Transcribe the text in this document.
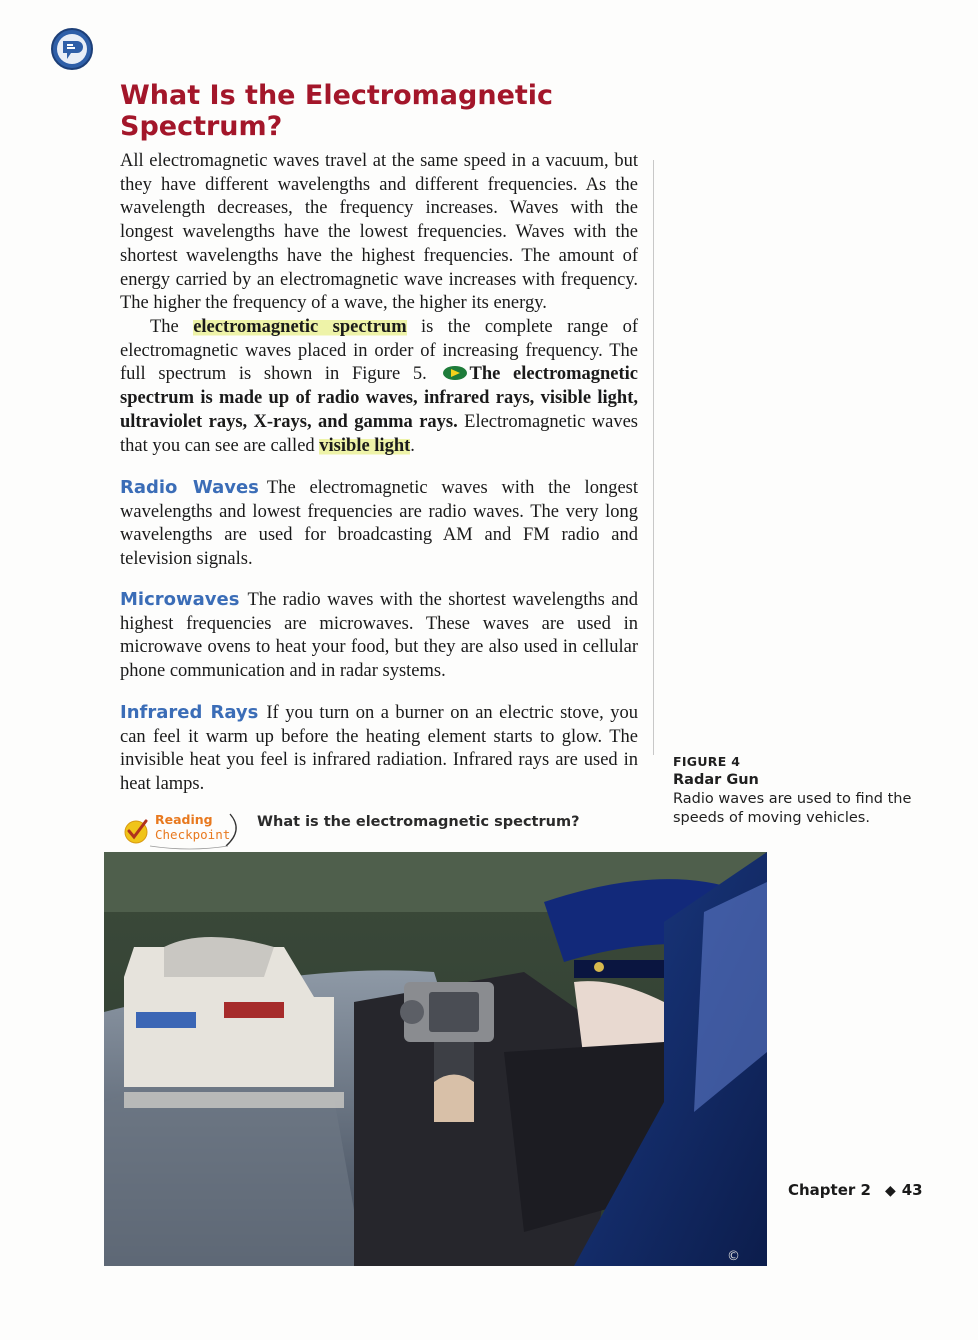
What Is the Electromagnetic Spectrum?

All electromagnetic waves travel at the same speed in a vacuum, but they have different wavelengths and different frequencies. As the wavelength decreases, the frequency increases. Waves with the longest wavelengths have the lowest frequencies. Waves with the shortest wavelengths have the highest frequencies. The amount of energy carried by an electromagnetic wave increases with frequency. The higher the frequency of a wave, the higher its energy.

The electromagnetic spectrum is the complete range of electromagnetic waves placed in order of increasing frequency. The full spectrum is shown in Figure 5. The electromagnetic spectrum is made up of radio waves, infrared rays, visible light, ultraviolet rays, X-rays, and gamma rays. Electromagnetic waves that you can see are called visible light.

Radio Waves The electromagnetic waves with the longest wavelengths and lowest frequencies are radio waves. The very long wavelengths are used for broadcasting AM and FM radio and television signals.

Microwaves The radio waves with the shortest wavelengths and highest frequencies are microwaves. These waves are used in microwave ovens to heat your food, but they are also used in cellular phone communication and in radar systems.

Infrared Rays If you turn on a burner on an electric stove, you can feel it warm up before the heating element starts to glow. The invisible heat you feel is infrared radiation. Infrared rays are used in heat lamps.

Reading
Checkpoint
What is the electromagnetic spectrum?
FIGURE 4
Radar Gun
Radio waves are used to find the speeds of moving vehicles.
©
Chapter 2 ◆ 43
